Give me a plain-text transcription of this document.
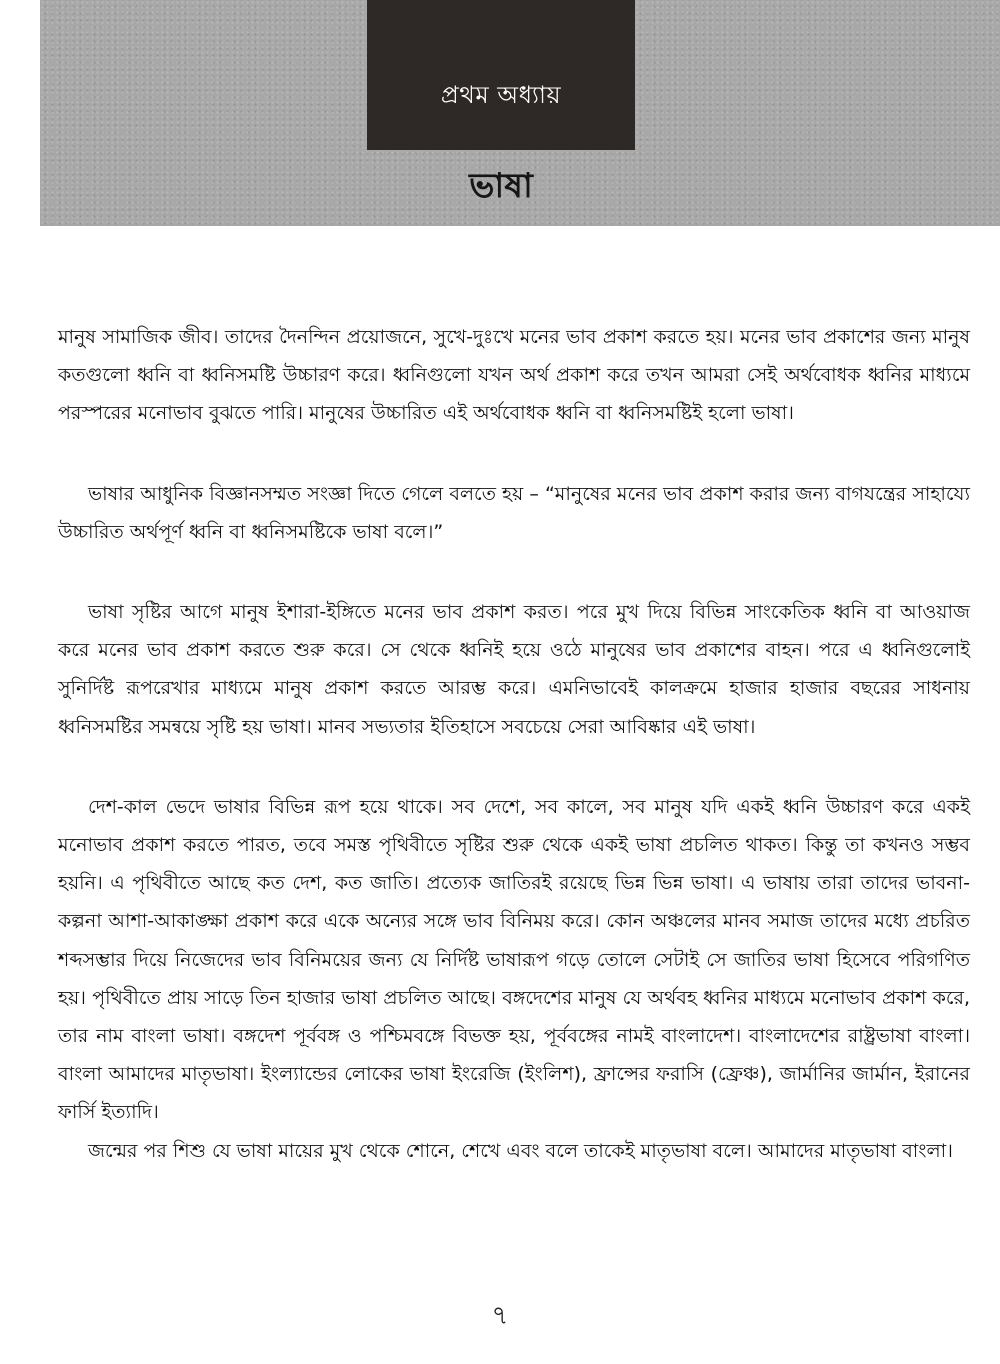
প্রথম অধ্যায়
ভাষা

মানুষ সামাজিক জীব। তাদের দৈনন্দিন প্রয়োজনে, সুখে-দুঃখে মনের ভাব প্রকাশ করতে হয়। মনের ভাব প্রকাশের জন্য মানুষ কতগুলো ধ্বনি বা ধ্বনিসমষ্টি উচ্চারণ করে। ধ্বনিগুলো যখন অর্থ প্রকাশ করে তখন আমরা সেই অর্থবোধক ধ্বনির মাধ্যমে পরস্পরের মনোভাব বুঝতে পারি। মানুষের উচ্চারিত এই অর্থবোধক ধ্বনি বা ধ্বনিসমষ্টিই হলো ভাষা।

ভাষার আধুনিক বিজ্ঞানসম্মত সংজ্ঞা দিতে গেলে বলতে হয় – “মানুষের মনের ভাব প্রকাশ করার জন্য বাগযন্ত্রের সাহায্যে উচ্চারিত অর্থপূর্ণ ধ্বনি বা ধ্বনিসমষ্টিকে ভাষা বলে।”

ভাষা সৃষ্টির আগে মানুষ ইশারা-ইঙ্গিতে মনের ভাব প্রকাশ করত। পরে মুখ দিয়ে বিভিন্ন সাংকেতিক ধ্বনি বা আওয়াজ করে মনের ভাব প্রকাশ করতে শুরু করে। সে থেকে ধ্বনিই হয়ে ওঠে মানুষের ভাব প্রকাশের বাহন। পরে এ ধ্বনিগুলোই সুনির্দিষ্ট রূপরেখার মাধ্যমে মানুষ প্রকাশ করতে আরম্ভ করে। এমনিভাবেই কালক্রমে হাজার হাজার বছরের সাধনায় ধ্বনিসমষ্টির সমন্বয়ে সৃষ্টি হয় ভাষা। মানব সভ্যতার ইতিহাসে সবচেয়ে সেরা আবিষ্কার এই ভাষা।

দেশ-কাল ভেদে ভাষার বিভিন্ন রূপ হয়ে থাকে। সব দেশে, সব কালে, সব মানুষ যদি একই ধ্বনি উচ্চারণ করে একই মনোভাব প্রকাশ করতে পারত, তবে সমস্ত পৃথিবীতে সৃষ্টির শুরু থেকে একই ভাষা প্রচলিত থাকত। কিন্তু তা কখনও সম্ভব হয়নি। এ পৃথিবীতে আছে কত দেশ, কত জাতি। প্রত্যেক জাতিরই রয়েছে ভিন্ন ভিন্ন ভাষা। এ ভাষায় তারা তাদের ভাবনা-কল্পনা আশা-আকাঙ্ক্ষা প্রকাশ করে একে অন্যের সঙ্গে ভাব বিনিময় করে। কোন অঞ্চলের মানব সমাজ তাদের মধ্যে প্রচরিত শব্দসম্ভার দিয়ে নিজেদের ভাব বিনিময়ের জন্য যে নির্দিষ্ট ভাষারূপ গড়ে তোলে সেটাই সে জাতির ভাষা হিসেবে পরিগণিত হয়। পৃথিবীতে প্রায় সাড়ে তিন হাজার ভাষা প্রচলিত আছে। বঙ্গদেশের মানুষ যে অর্থবহ ধ্বনির মাধ্যমে মনোভাব প্রকাশ করে, তার নাম বাংলা ভাষা। বঙ্গদেশ পূর্ববঙ্গ ও পশ্চিমবঙ্গে বিভক্ত হয়, পূর্ববঙ্গের নামই বাংলাদেশ। বাংলাদেশের রাষ্ট্রভাষা বাংলা। বাংলা আমাদের মাতৃভাষা। ইংল্যান্ডের লোকের ভাষা ইংরেজি (ইংলিশ), ফ্রান্সের ফরাসি (ফ্রেঞ্চ), জার্মানির জার্মান, ইরানের ফার্সি ইত্যাদি।

জন্মের পর শিশু যে ভাষা মায়ের মুখ থেকে শোনে, শেখে এবং বলে তাকেই মাতৃভাষা বলে। আমাদের মাতৃভাষা বাংলা।

৭
